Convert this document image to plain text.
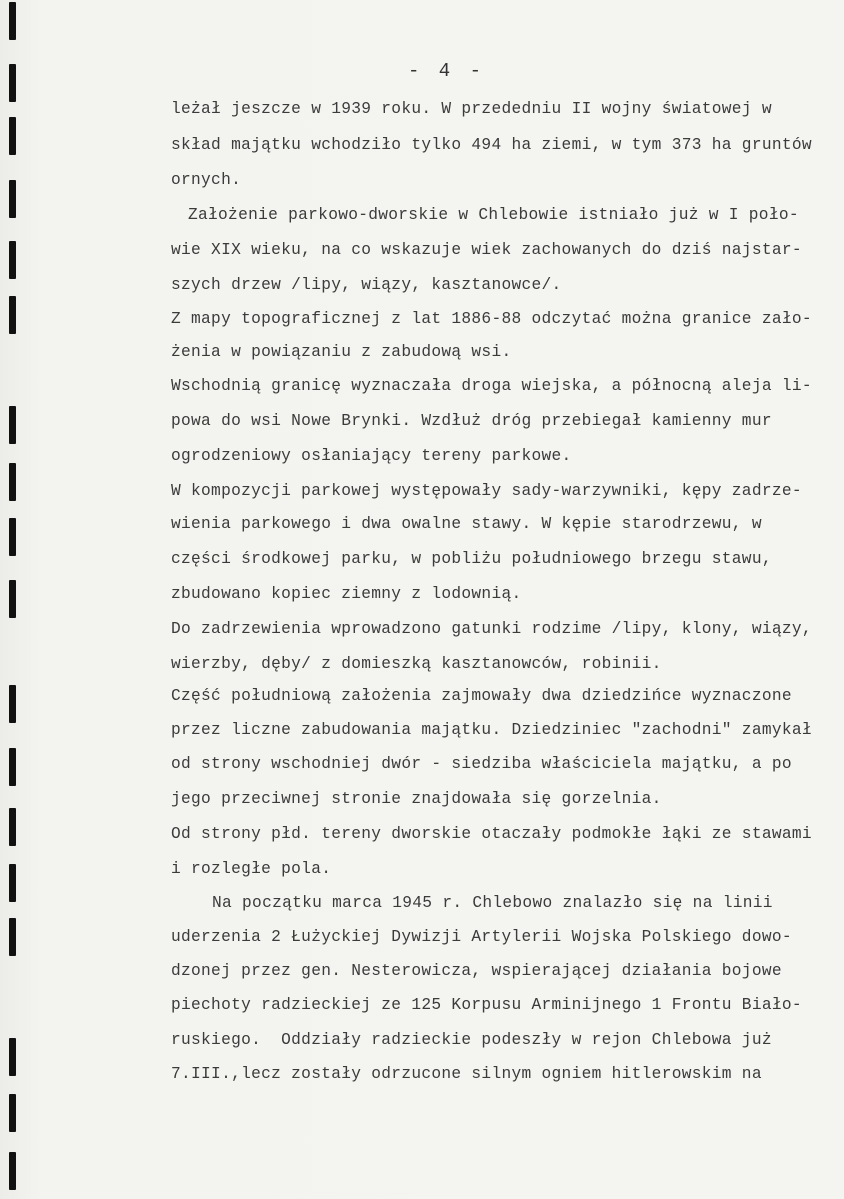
- 4 -
leżał jeszcze w 1939 roku. W przededniu II wojny światowej w
skład majątku wchodziło tylko 494 ha ziemi, w tym 373 ha gruntów
ornych.
Założenie parkowo-dworskie w Chlebowie istniało już w I poło-
wie XIX wieku, na co wskazuje wiek zachowanych do dziś najstar-
szych drzew /lipy, wiązy, kasztanowce/.
Z mapy topograficznej z lat 1886-88 odczytać można granice zało-
żenia w powiązaniu z zabudową wsi.
Wschodnią granicę wyznaczała droga wiejska, a północną aleja li-
powa do wsi Nowe Brynki. Wzdłuż dróg przebiegał kamienny mur
ogrodzeniowy osłaniający tereny parkowe.
W kompozycji parkowej występowały sady-warzywniki, kępy zadrze-
wienia parkowego i dwa owalne stawy. W kępie starodrzewu, w
części środkowej parku, w pobliżu południowego brzegu stawu,
zbudowano kopiec ziemny z lodownią.
Do zadrzewienia wprowadzono gatunki rodzime /lipy, klony, wiązy,
wierzby, dęby/ z domieszką kasztanowców, robinii.
Część południową założenia zajmowały dwa dziedzińce wyznaczone
przez liczne zabudowania majątku. Dziedziniec "zachodni" zamykał
od strony wschodniej dwór - siedziba właściciela majątku, a po
jego przeciwnej stronie znajdowała się gorzelnia.
Od strony płd. tereny dworskie otaczały podmokłe łąki ze stawami
i rozległe pola.
Na początku marca 1945 r. Chlebowo znalazło się na linii
uderzenia 2 Łużyckiej Dywizji Artylerii Wojska Polskiego dowo-
dzonej przez gen. Nesterowicza, wspierającej działania bojowe
piechoty radzieckiej ze 125 Korpusu Arminijnego 1 Frontu Biało-
ruskiego.  Oddziały radzieckie podeszły w rejon Chlebowa już
7.III.,lecz zostały odrzucone silnym ogniem hitlerowskim na
